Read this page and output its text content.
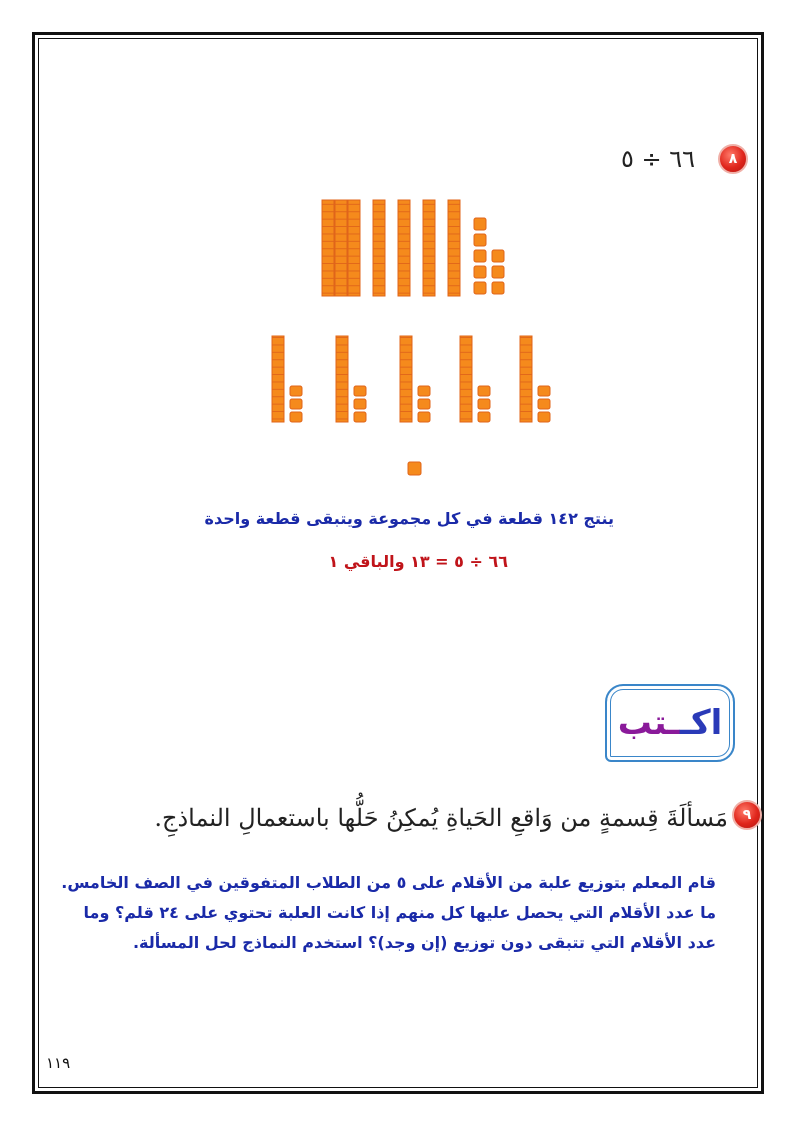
٨
٦٦ ÷ ٥
ينتج ١٤٢ قطعة في كل مجموعة ويتبقى قطعة واحدة
٦٦ ÷ ٥ = ١٣ والباقي ١
اكـ
ـتب
٩
مَسألَةَ قِسمةٍ من وَاقعِ الحَياةِ يُمكِنُ حَلُّها باستعمالِ النماذجِ.
قام المعلم بتوزيع علبة من الأقلام على ٥ من الطلاب المتفوقين في الصف الخامس.
ما عدد الأقلام التي يحصل عليها كل منهم إذا كانت العلبة تحتوي على ٢٤ قلم؟ وما
عدد الأقلام التي تتبقى دون توزيع (إن وجد)؟ استخدم النماذج لحل المسألة.
١١٩
